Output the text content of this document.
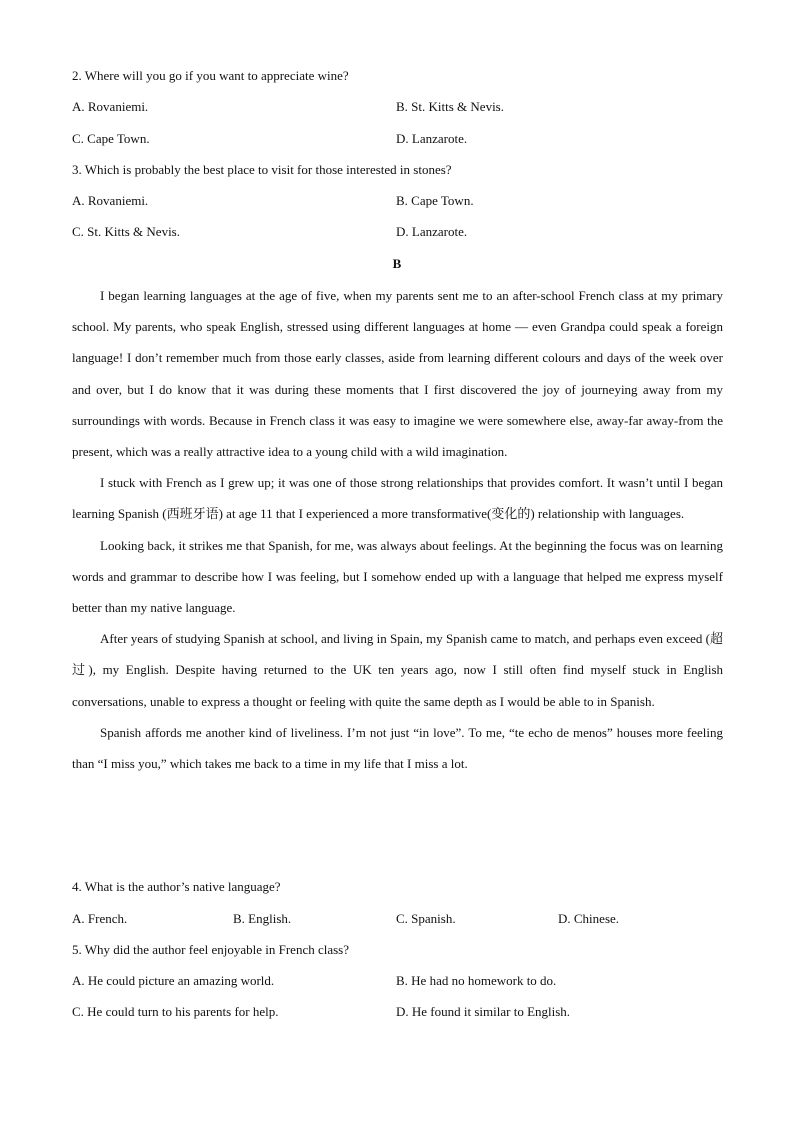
2. Where will you go if you want to appreciate wine?
A. Rovaniemi.	B. St. Kitts & Nevis.
C. Cape Town.	D. Lanzarote.
3. Which is probably the best place to visit for those interested in stones?
A. Rovaniemi.	B. Cape Town.
C. St. Kitts & Nevis.	D. Lanzarote.
B

I began learning languages at the age of five, when my parents sent me to an after-school French class at my primary school. My parents, who speak English, stressed using different languages at home — even Grandpa could speak a foreign language! I don’t remember much from those early classes, aside from learning different colours and days of the week over and over, but I do know that it was during these moments that I first discovered the joy of journeying away from my surroundings with words. Because in French class it was easy to imagine we were somewhere else, away-far away-from the present, which was a really attractive idea to a young child with a wild imagination.

I stuck with French as I grew up; it was one of those strong relationships that provides comfort. It wasn’t until I began learning Spanish (西班牙语) at age 11 that I experienced a more transformative(变化的) relationship with languages.

Looking back, it strikes me that Spanish, for me, was always about feelings. At the beginning the focus was on learning words and grammar to describe how I was feeling, but I somehow ended up with a language that helped me express myself better than my native language.

After years of studying Spanish at school, and living in Spain, my Spanish came to match, and perhaps even exceed (超过), my English. Despite having returned to the UK ten years ago, now I still often find myself stuck in English conversations, unable to express a thought or feeling with quite the same depth as I would be able to in Spanish.

Spanish affords me another kind of liveliness. I’m not just “in love”. To me, “te echo de menos” houses more feeling than “I miss you,” which takes me back to a time in my life that I miss a lot.

4. What is the author’s native language?
A. French.	B. English.	C. Spanish.	D. Chinese.
5. Why did the author feel enjoyable in French class?
A. He could picture an amazing world.	B. He had no homework to do.
C. He could turn to his parents for help.	D. He found it similar to English.
